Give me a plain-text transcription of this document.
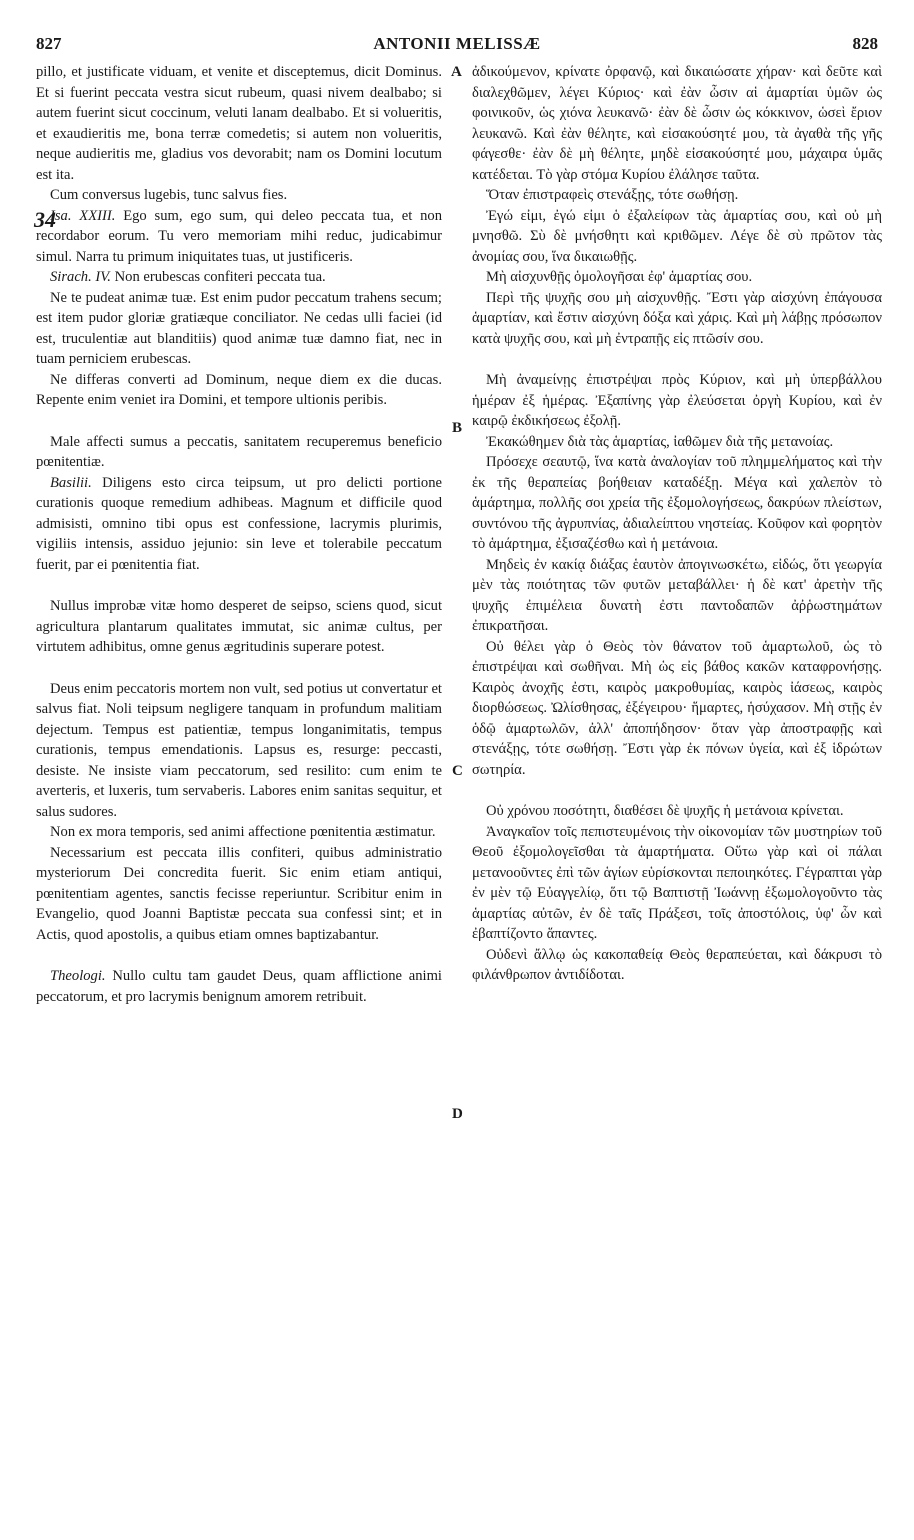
827	ANTONII MELISSÆ	828
34
A
B
C
D

pillo, et justificate viduam, et venite et disceptemus, dicit Dominus. Et si fuerint peccata vestra sicut rubeum, quasi nivem dealbabo; si autem fuerint sicut coccinum, veluti lanam dealbabo. Et si volueritis, et exaudieritis me, bona terræ comedetis; si autem non volueritis, neque audieritis me, gladius vos devorabit; nam os Domini locutum est ita.

Cum conversus lugebis, tunc salvus fies.

Isa. XXIII. Ego sum, ego sum, qui deleo peccata tua, et non recordabor eorum. Tu vero memoriam mihi reduc, judicabimur simul. Narra tu primum iniquitates tuas, ut justificeris.

Sirach. IV. Non erubescas confiteri peccata tua.

Ne te pudeat animæ tuæ. Est enim pudor peccatum trahens secum; est item pudor gloriæ gratiæque conciliator. Ne cedas ulli faciei (id est, truculentiæ aut blanditiis) quod animæ tuæ damno fiat, nec in tuam perniciem erubescas.

Ne differas converti ad Dominum, neque diem ex die ducas. Repente enim veniet ira Domini, et tempore ultionis peribis.

Male affecti sumus a peccatis, sanitatem recuperemus beneficio pœnitentiæ.

Basilii. Diligens esto circa teipsum, ut pro delicti portione curationis quoque remedium adhibeas. Magnum et difficile quod admisisti, omnino tibi opus est confessione, lacrymis plurimis, vigiliis intensis, assiduo jejunio: sin leve et tolerabile peccatum fuerit, par ei pœnitentia fiat.

Nullus improbæ vitæ homo desperet de seipso, sciens quod, sicut agricultura plantarum qualitates immutat, sic animæ cultus, per virtutem adhibitus, omne genus ægritudinis superare potest.

Deus enim peccatoris mortem non vult, sed potius ut convertatur et salvus fiat. Noli teipsum negligere tanquam in profundum malitiam dejectum. Tempus est patientiæ, tempus longanimitatis, tempus curationis, tempus emendationis. Lapsus es, resurge: peccasti, desiste. Ne insiste viam peccatorum, sed resilito: cum enim te averteris, et luxeris, tum servaberis. Labores enim sanitas sequitur, et salus sudores.

Non ex mora temporis, sed animi affectione pœnitentia æstimatur.

Necessarium est peccata illis confiteri, quibus administratio mysteriorum Dei concredita fuerit. Sic enim etiam antiqui, pœnitentiam agentes, sanctis fecisse reperiuntur. Scribitur enim in Evangelio, quod Joanni Baptistæ peccata sua confessi sint; et in Actis, quod apostolis, a quibus etiam omnes baptizabantur.

Theologi. Nullo cultu tam gaudet Deus, quam afflictione animi peccatorum, et pro lacrymis benignum amorem retribuit.

ἀδικούμενον, κρίνατε ὀρφανῷ, καὶ δικαιώσατε χήραν· καὶ δεῦτε καὶ διαλεχθῶμεν, λέγει Κύριος· καὶ ἐὰν ὦσιν αἱ ἁμαρτίαι ὑμῶν ὡς φοινικοῦν, ὡς χιόνα λευκανῶ· ἐὰν δὲ ὦσιν ὡς κόκκινον, ὡσεὶ ἔριον λευκανῶ. Καὶ ἐὰν θέλητε, καὶ εἰσακούσητέ μου, τὰ ἀγαθὰ τῆς γῆς φάγεσθε· ἐὰν δὲ μὴ θέλητε, μηδὲ εἰσακούσητέ μου, μάχαιρα ὑμᾶς κατέδεται. Τὸ γὰρ στόμα Κυρίου ἐλάλησε ταῦτα.

Ὅταν ἐπιστραφεὶς στενάξῃς, τότε σωθήσῃ.

Ἐγώ εἰμι, ἐγώ εἰμι ὁ ἐξαλείφων τὰς ἁμαρτίας σου, καὶ οὐ μὴ μνησθῶ. Σὺ δὲ μνήσθητι καὶ κριθῶμεν. Λέγε δὲ σὺ πρῶτον τὰς ἀνομίας σου, ἵνα δικαιωθῇς.

Μὴ αἰσχυνθῇς ὁμολογῆσαι ἐφ' ἁμαρτίας σου.

Περὶ τῆς ψυχῆς σου μὴ αἰσχυνθῇς. Ἔστι γὰρ αἰσχύνη ἐπάγουσα ἁμαρτίαν, καὶ ἔστιν αἰσχύνη δόξα καὶ χάρις. Καὶ μὴ λάβῃς πρόσωπον κατὰ ψυχῆς σου, καὶ μὴ ἐντραπῇς εἰς πτῶσίν σου.

Μὴ ἀναμείνῃς ἐπιστρέψαι πρὸς Κύριον, καὶ μὴ ὑπερβάλλου ἡμέραν ἐξ ἡμέρας. Ἐξαπίνης γὰρ ἐλεύσεται ὀργὴ Κυρίου, καὶ ἐν καιρῷ ἐκδικήσεως ἐξολῇ.

Ἐκακώθημεν διὰ τὰς ἁμαρτίας, ἰαθῶμεν διὰ τῆς μετανοίας.

Πρόσεχε σεαυτῷ, ἵνα κατὰ ἀναλογίαν τοῦ πλημμελήματος καὶ τὴν ἐκ τῆς θεραπείας βοήθειαν καταδέξῃ. Μέγα καὶ χαλεπὸν τὸ ἁμάρτημα, πολλῆς σοι χρεία τῆς ἐξομολογήσεως, δακρύων πλείστων, συντόνου τῆς ἀγρυπνίας, ἀδιαλείπτου νηστείας. Κοῦφον καὶ φορητὸν τὸ ἁμάρτημα, ἐξισαζέσθω καὶ ἡ μετάνοια.

Μηδεὶς ἐν κακίᾳ διάξας ἑαυτὸν ἀπογινωσκέτω, εἰδώς, ὅτι γεωργία μὲν τὰς ποιότητας τῶν φυτῶν μεταβάλλει· ἡ δὲ κατ' ἀρετὴν τῆς ψυχῆς ἐπιμέλεια δυνατὴ ἐστι παντοδαπῶν ἀῤῥωστημάτων ἐπικρατῆσαι.

Οὐ θέλει γὰρ ὁ Θεὸς τὸν θάνατον τοῦ ἁμαρτωλοῦ, ὡς τὸ ἐπιστρέψαι καὶ σωθῆναι. Μὴ ὡς εἰς βάθος κακῶν καταφρονήσῃς. Καιρὸς ἀνοχῆς ἐστι, καιρὸς μακροθυμίας, καιρὸς ἰάσεως, καιρὸς διορθώσεως. Ὠλίσθησας, ἐξέγειρου· ἥμαρτες, ἡσύχασον. Μὴ στῇς ἐν ὁδῷ ἁμαρτωλῶν, ἀλλ' ἀποπήδησον· ὅταν γὰρ ἀποστραφῇς καὶ στενάξῃς, τότε σωθήσῃ. Ἔστι γὰρ ἐκ πόνων ὑγεία, καὶ ἐξ ἱδρώτων σωτηρία.

Οὐ χρόνου ποσότητι, διαθέσει δὲ ψυχῆς ἡ μετάνοια κρίνεται.

Ἀναγκαῖον τοῖς πεπιστευμένοις τὴν οἰκονομίαν τῶν μυστηρίων τοῦ Θεοῦ ἐξομολογεῖσθαι τὰ ἁμαρτήματα. Οὕτω γὰρ καὶ οἱ πάλαι μετανοοῦντες ἐπὶ τῶν ἁγίων εὑρίσκονται πεποιηκότες. Γέγραπται γὰρ ἐν μὲν τῷ Εὐαγγελίῳ, ὅτι τῷ Βαπτιστῇ Ἰωάννῃ ἐξωμολογοῦντο τὰς ἁμαρτίας αὐτῶν, ἐν δὲ ταῖς Πράξεσι, τοῖς ἀποστόλοις, ὑφ' ὧν καὶ ἐβαπτίζοντο ἅπαντες.

Οὐδενὶ ἄλλῳ ὡς κακοπαθείᾳ Θεὸς θεραπεύεται, καὶ δάκρυσι τὸ φιλάνθρωπον ἀντιδίδοται.
